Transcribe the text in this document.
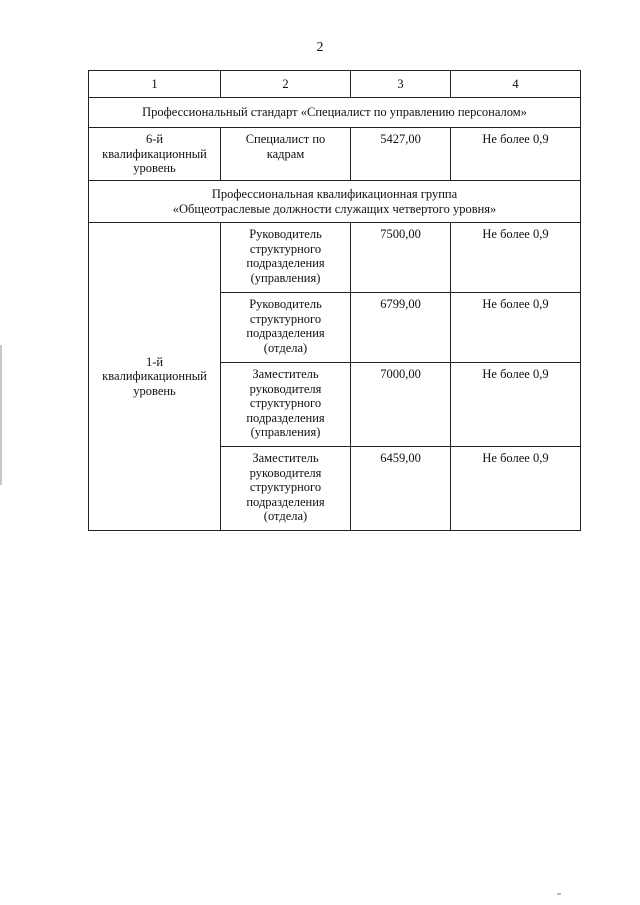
2
1	2	3	4
Профессиональный стандарт «Специалист по управлению персоналом»			

6-й
квалификационный
уровень	Специалист по
кадрам	5427,00	Не более 0,9

Профессиональная квалификационная группа
«Общеотраслевые должности служащих четвертого уровня»			

1-й
квалификационный
уровень	Руководитель
структурного
подразделения
(управления)	7500,00	Не более 0,9

	Руководитель
структурного
подразделения
(отдела)	6799,00	Не более 0,9

	Заместитель
руководителя
структурного
подразделения
(управления)	7000,00	Не более 0,9

	Заместитель
руководителя
структурного
подразделения
(отдела)	6459,00	Не более 0,9
